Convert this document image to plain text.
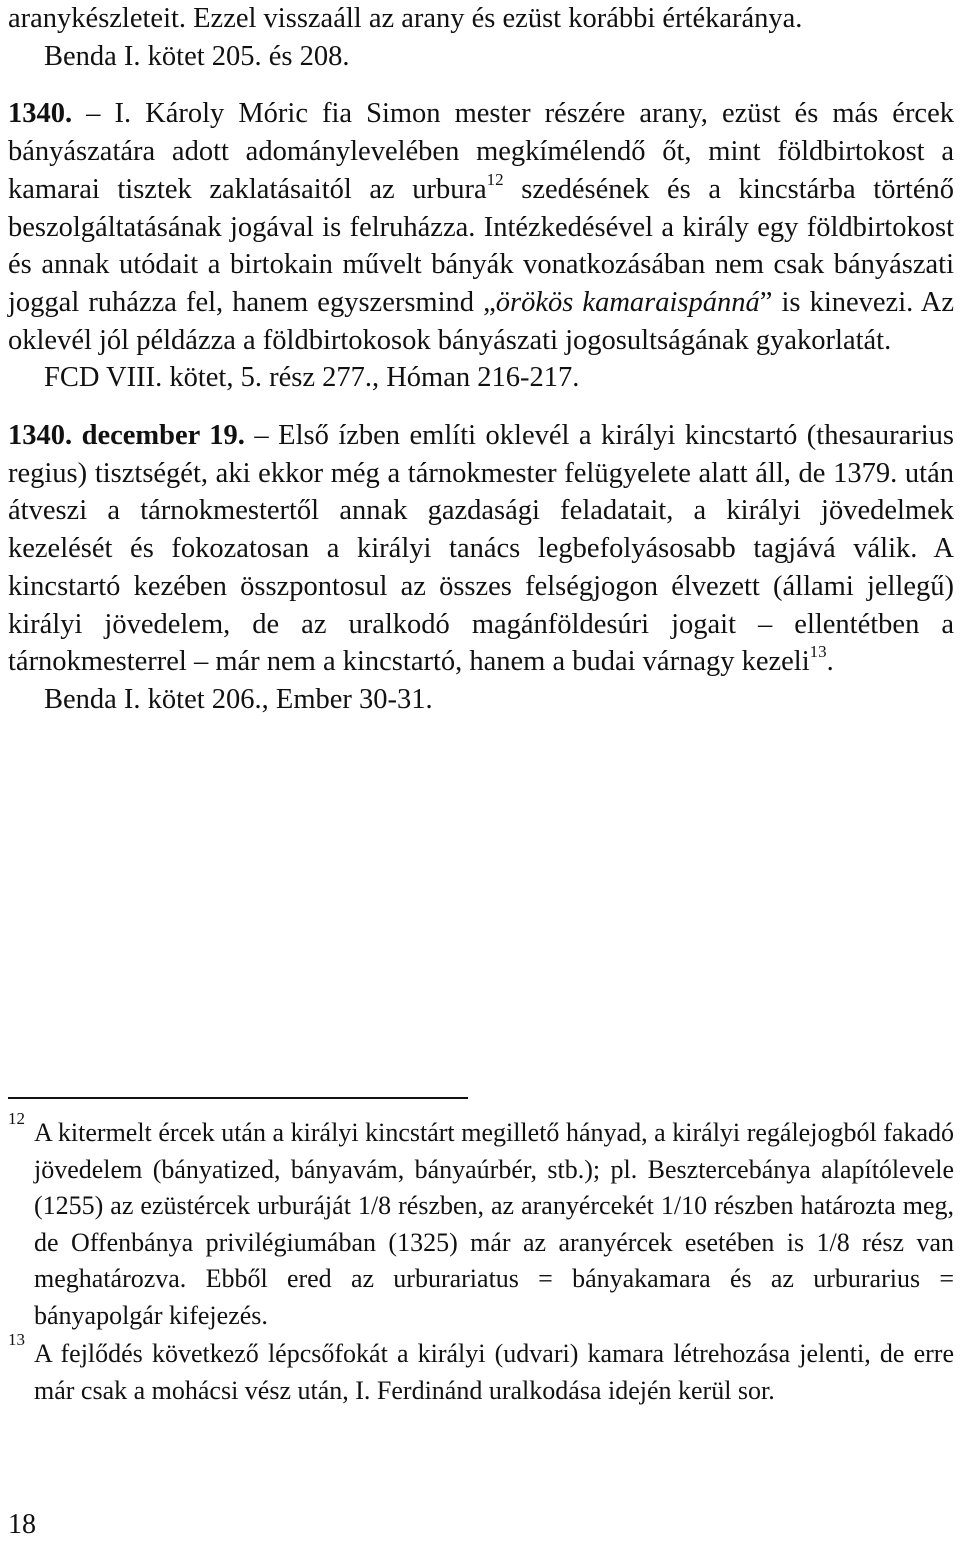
aranykészleteit. Ezzel visszaáll az arany és ezüst korábbi értékaránya.

Benda I. kötet 205. és 208.

1340. – I. Károly Móric fia Simon mester részére arany, ezüst és más ércek bányászatára adott adománylevelében megkímélendő őt, mint földbirtokost a kamarai tisztek zaklatásaitól az urbura$^{12}$ szedésének és a kincstárba történő beszolgáltatásának jogával is felruházza. Intézkedésével a király egy földbirtokost és annak utódait a birtokain művelt bányák vonatkozásában nem csak bányászati joggal ruházza fel, hanem egyszersmind „örökös kamaraispánná” is kinevezi. Az oklevél jól példázza a földbirtokosok bányászati jogosultságának gyakorlatát.

FCD VIII. kötet, 5. rész 277., Hóman 216-217.

1340. december 19. – Első ízben említi oklevél a királyi kincstartó (thesaurarius regius) tisztségét, aki ekkor még a tárnokmester felügyelete alatt áll, de 1379. után átveszi a tárnokmestertől annak gazdasági feladatait, a királyi jövedelmek kezelését és fokozatosan a királyi tanács legbefolyásosabb tagjává válik. A kincstartó kezében összpontosul az összes felségjogon élvezett (állami jellegű) királyi jövedelem, de az uralkodó magánföldesúri jogait – ellentétben a tárnokmesterrel – már nem a kincstartó, hanem a budai várnagy kezeli$^{13}$.

Benda I. kötet 206., Ember 30-31.

12 A kitermelt ércek után a királyi kincstárt megillető hányad, a királyi regálejogból fakadó jövedelem (bányatized, bányavám, bányaúrbér, stb.); pl. Besztercebánya alapítólevele (1255) az ezüstércek urburáját 1/8 részben, az aranyércekét 1/10 részben határozta meg, de Offenbánya privilégiumában (1325) már az aranyércek esetében is 1/8 rész van meghatározva. Ebből ered az urburariatus = bányakamara és az urburarius = bányapolgár kifejezés.
13 A fejlődés következő lépcsőfokát a királyi (udvari) kamara létrehozása jelenti, de erre már csak a mohácsi vész után, I. Ferdinánd uralkodása idején kerül sor.
18
